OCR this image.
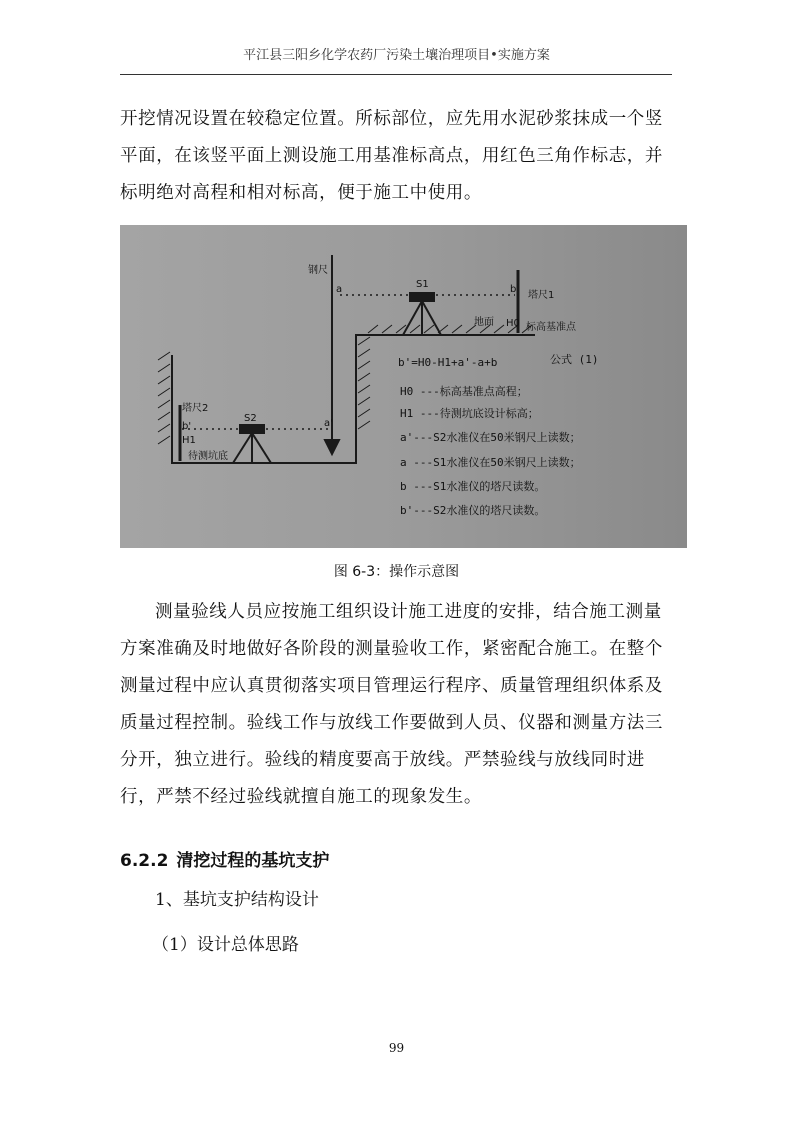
平江县三阳乡化学农药厂污染土壤治理项目•实施方案
开挖情况设置在较稳定位置。所标部位，应先用水泥砂浆抹成一个竖平面，在该竖平面上测设施工用基准标高点，用红色三角作标志，并标明绝对高程和相对标高，便于施工中使用。
钢尺
S1
a	b
塔尺1
地面 H0 标高基准点
S2	a'
塔尺2
b'
H1
待测坑底
b'=H0-H1+a'-a+b	公式 (1)
H0 ---标高基准点高程；
H1 ---待测坑底设计标高；
a'---S2水准仪在50米钢尺上读数；
a ---S1水准仪在50米钢尺上读数；
b ---S1水准仪的塔尺读数。
b'---S2水准仪的塔尺读数。
图 6-3：操作示意图
测量验线人员应按施工组织设计施工进度的安排，结合施工测量方案准确及时地做好各阶段的测量验收工作，紧密配合施工。在整个测量过程中应认真贯彻落实项目管理运行程序、质量管理组织体系及质量过程控制。验线工作与放线工作要做到人员、仪器和测量方法三分开，独立进行。验线的精度要高于放线。严禁验线与放线同时进行，严禁不经过验线就擅自施工的现象发生。
6.2.2 清挖过程的基坑支护
1、基坑支护结构设计
（1）设计总体思路
99
